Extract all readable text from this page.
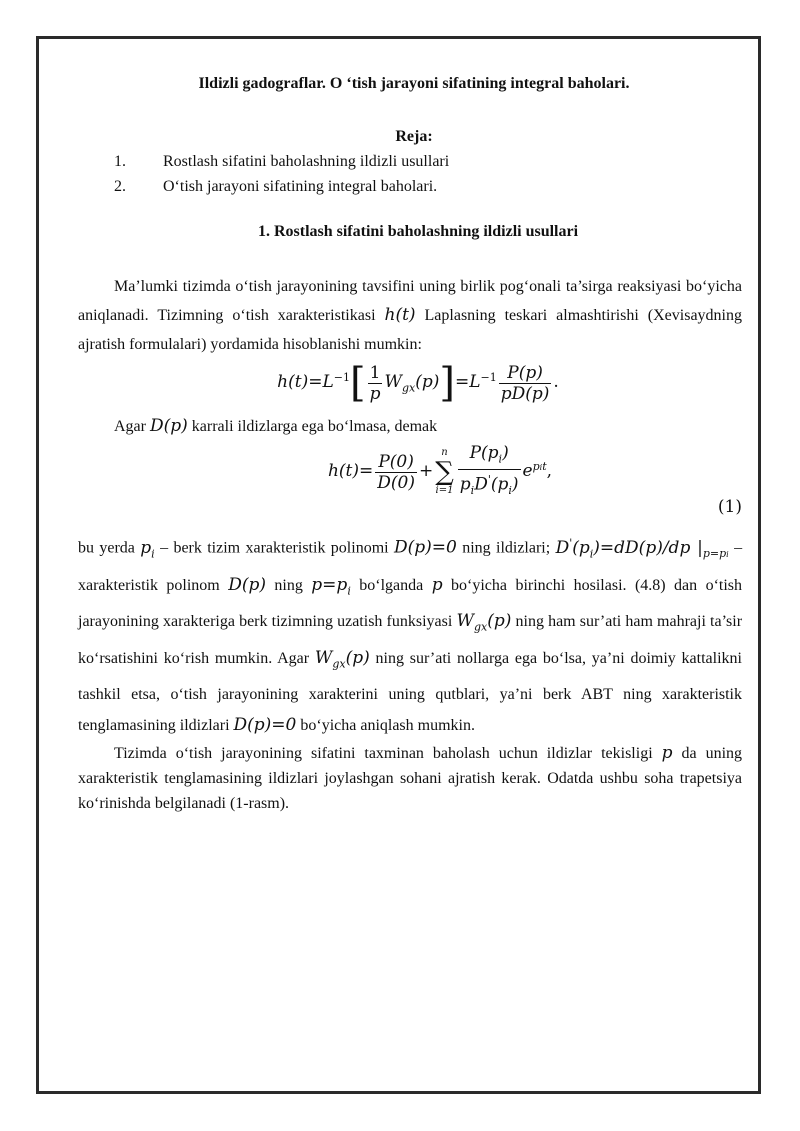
Ildizli gadograflar. O ‘tish jarayoni sifatining integral baholari.

Reja:

1.	Rostlash sifatini baholashning ildizli usullari
2.	O‘tish jarayoni sifatining integral baholari.

1. Rostlash sifatini baholashning ildizli usullari

Ma’lumki tizimda o‘tish jarayonining tavsifini uning birlik pog‘onali ta’sirga reaksiyasi bo‘yicha aniqlanadi. Tizimning o‘tish xarakteristikasi h(t) Laplasning teskari almashtirishi (Xevisaydning ajratish formulalari) yordamida hisoblanishi mumkin:

$h(t)=L^{-1}[ \frac{1}{p} W_{gx}(p)]=L^{-1} \frac{P(p)}{pD(p)}$ .

Agar D(p) karrali ildizlarga ega bo‘lmasa, demak

$h(t)= \frac{P(0)}{D(0)}$ +
n
∑
$i=1 \frac{P(p_i)}{p_iD'(p_i)} e^{pit}$,
(1)

bu yerda $p_i$ – berk tizim xarakteristik polinomi D(p)=0 ning ildizlari; $D'(p_i)=dD(p)/dp$ $|_{p=pi}$ – xarakteristik polinom D(p) ning $p=p_i$ bo‘lganda p bo‘yicha birinchi hosilasi. (4.8) dan o‘tish jarayonining xarakteriga berk tizimning uzatish funksiyasi $W_{gx}(p)$ ning ham sur’ati ham mahraji ta’sir ko‘rsatishini ko‘rish mumkin. Agar $W_{gx}(p)$ ning sur’ati nollarga ega bo‘lsa, ya’ni doimiy kattalikni tashkil etsa, o‘tish jarayonining xarakterini uning qutblari, ya’ni berk ABT ning xarakteristik tenglamasining ildizlari D(p)=0 bo‘yicha aniqlash mumkin.

Tizimda o‘tish jarayonining sifatini taxminan baholash uchun ildizlar tekisligi p da uning xarakteristik tenglamasining ildizlari joylashgan sohani ajratish kerak. Odatda ushbu soha trapetsiya ko‘rinishda belgilanadi (1-rasm).
